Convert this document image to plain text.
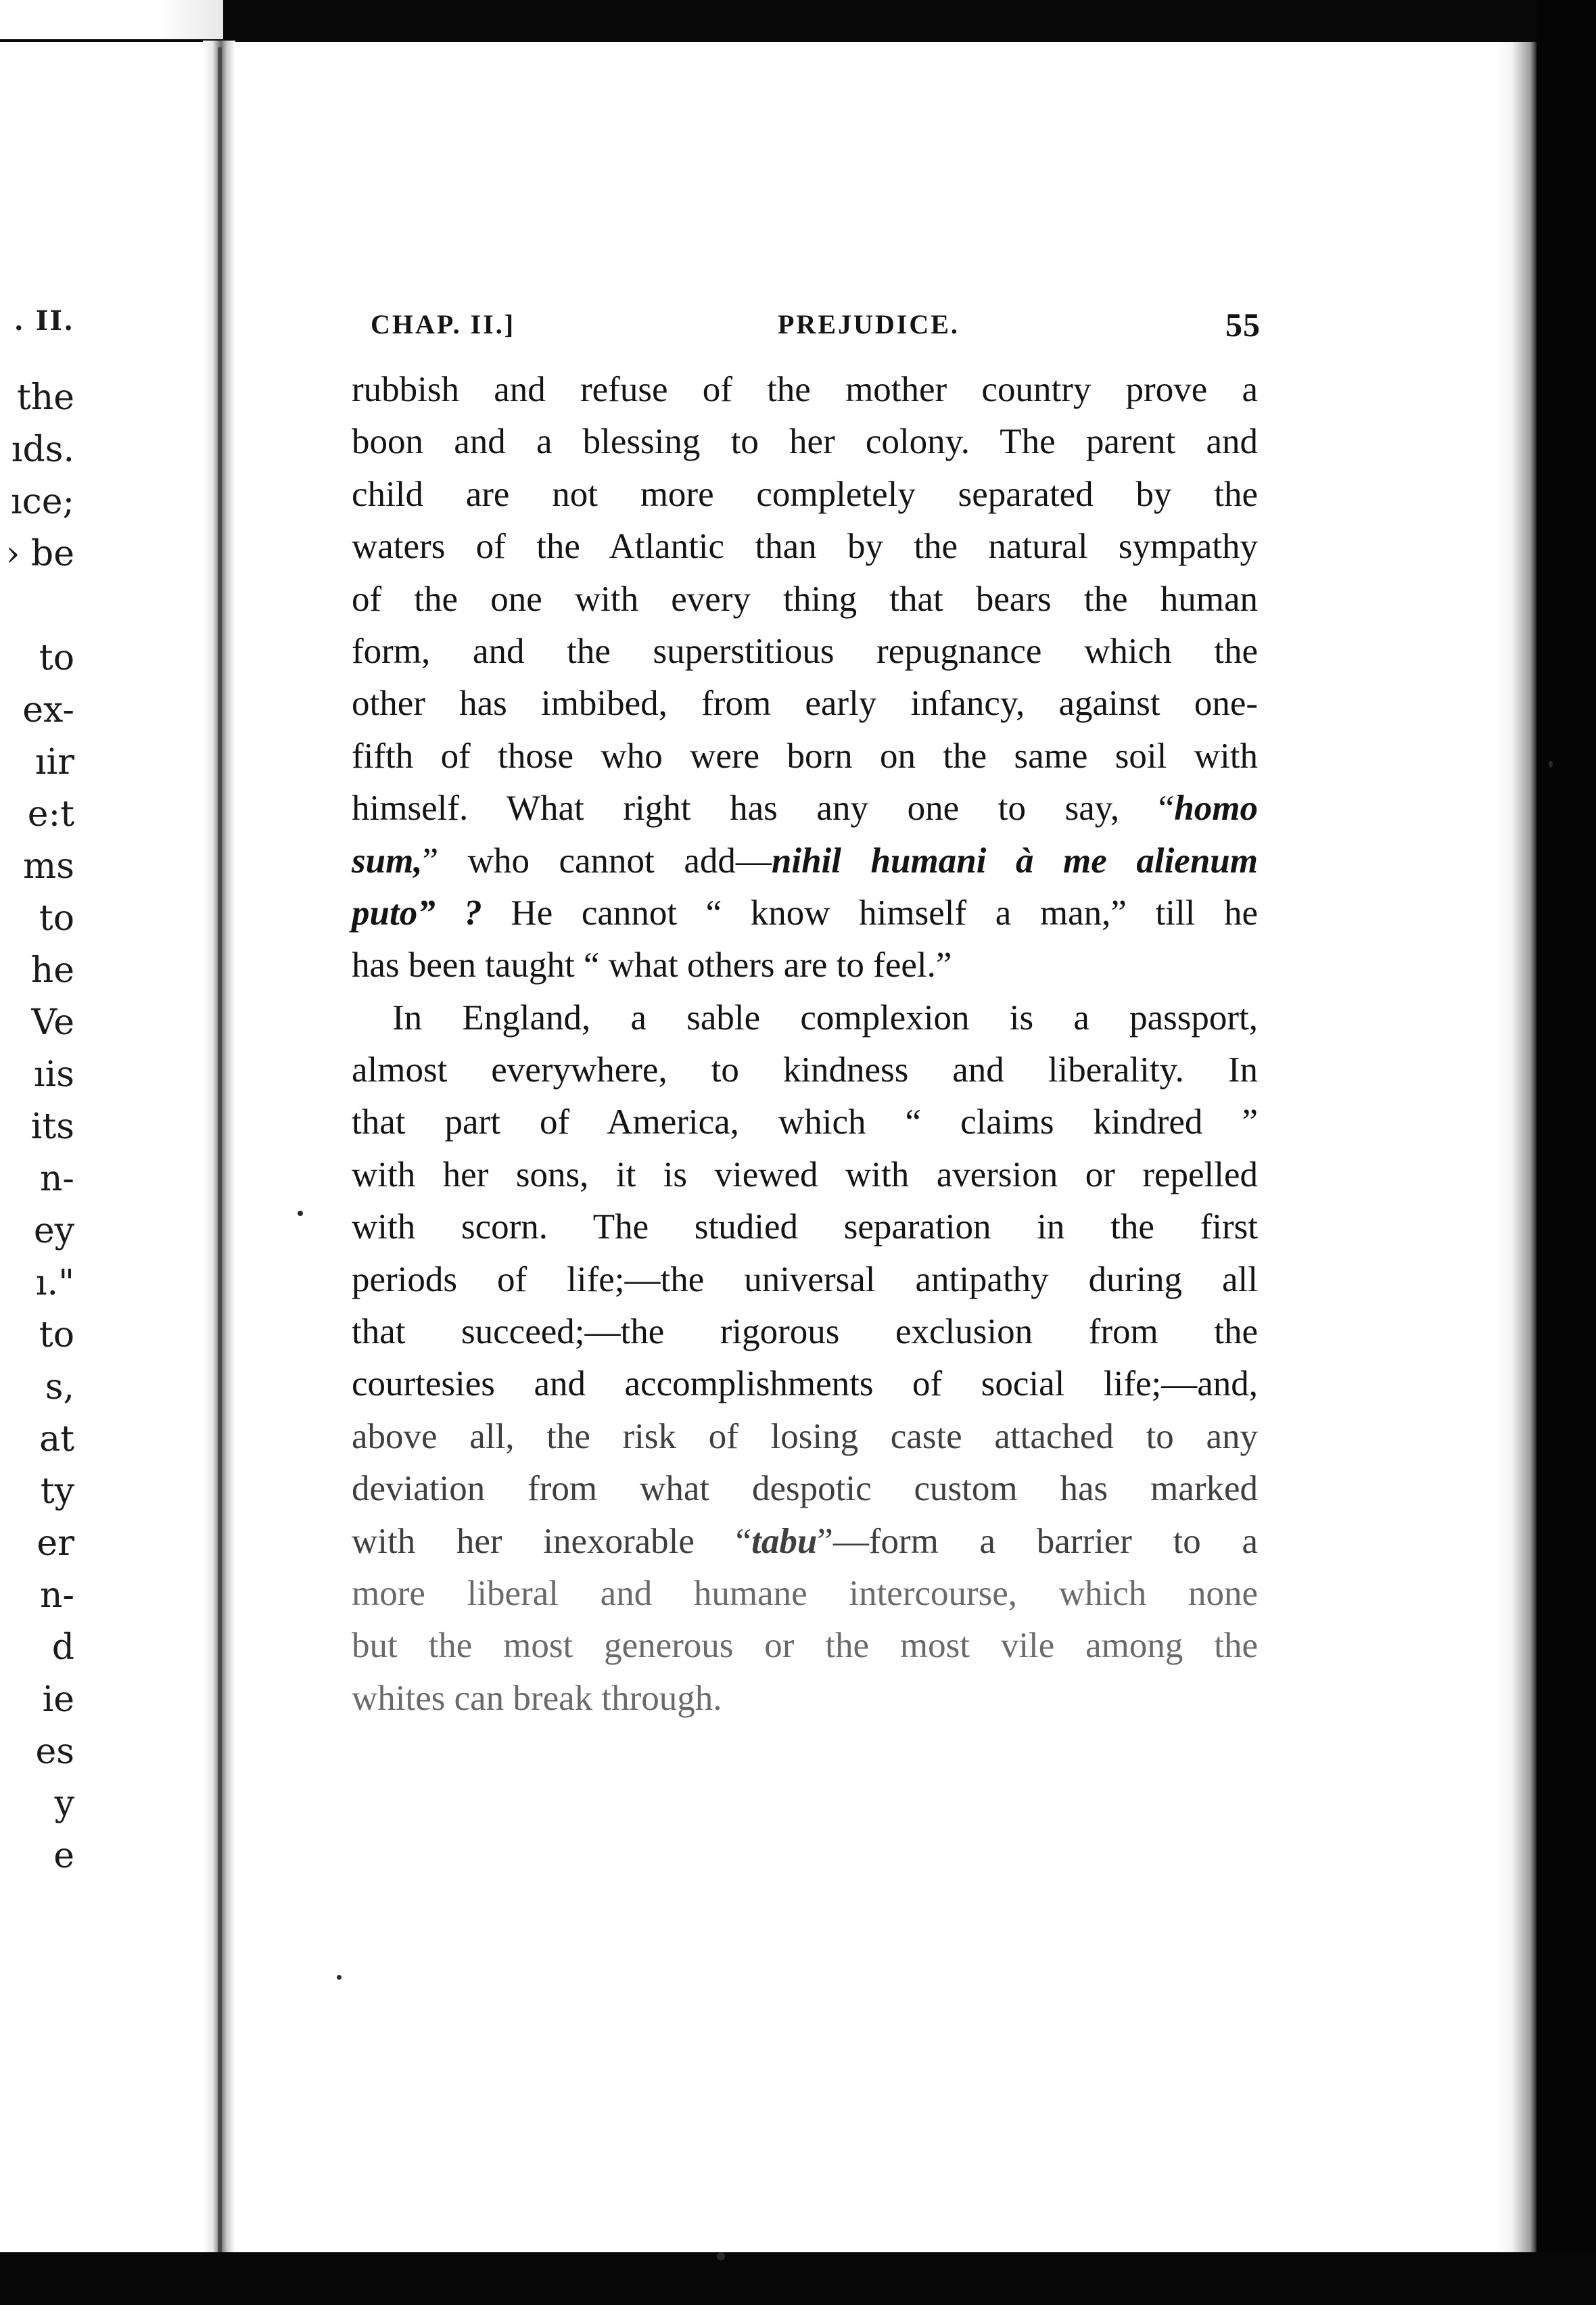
. II.
the
ıds.
ıce;
› be
to
ex-
ıir
e:t
ms
to
he
Ve
ıis
its
n-
ey
ı."
to
s,
at
ty
er
n-
d
ie
es
y
e
CHAP. II.]	PREJUDICE.	55
rubbish and refuse of the mother country prove a
boon and a blessing to her colony. The parent and
child are not more completely separated by the
waters of the Atlantic than by the natural sympathy
of the one with every thing that bears the human
form, and the superstitious repugnance which the
other has imbibed, from early infancy, against one-
fifth of those who were born on the same soil with
himself. What right has any one to say, “homo
sum,” who cannot add—nihil humani à me alienum
puto” ? He cannot “ know himself a man,” till he
has been taught “ what others are to feel.”
In England, a sable complexion is a passport,
almost everywhere, to kindness and liberality. In
that part of America, which “ claims kindred ”
with her sons, it is viewed with aversion or repelled
with scorn. The studied separation in the first
periods of life;—the universal antipathy during all
that succeed;—the rigorous exclusion from the
courtesies and accomplishments of social life;—and,
above all, the risk of losing caste attached to any
deviation from what despotic custom has marked
with her inexorable “tabu”—form a barrier to a
more liberal and humane intercourse, which none
but the most generous or the most vile among the
whites can break through.
